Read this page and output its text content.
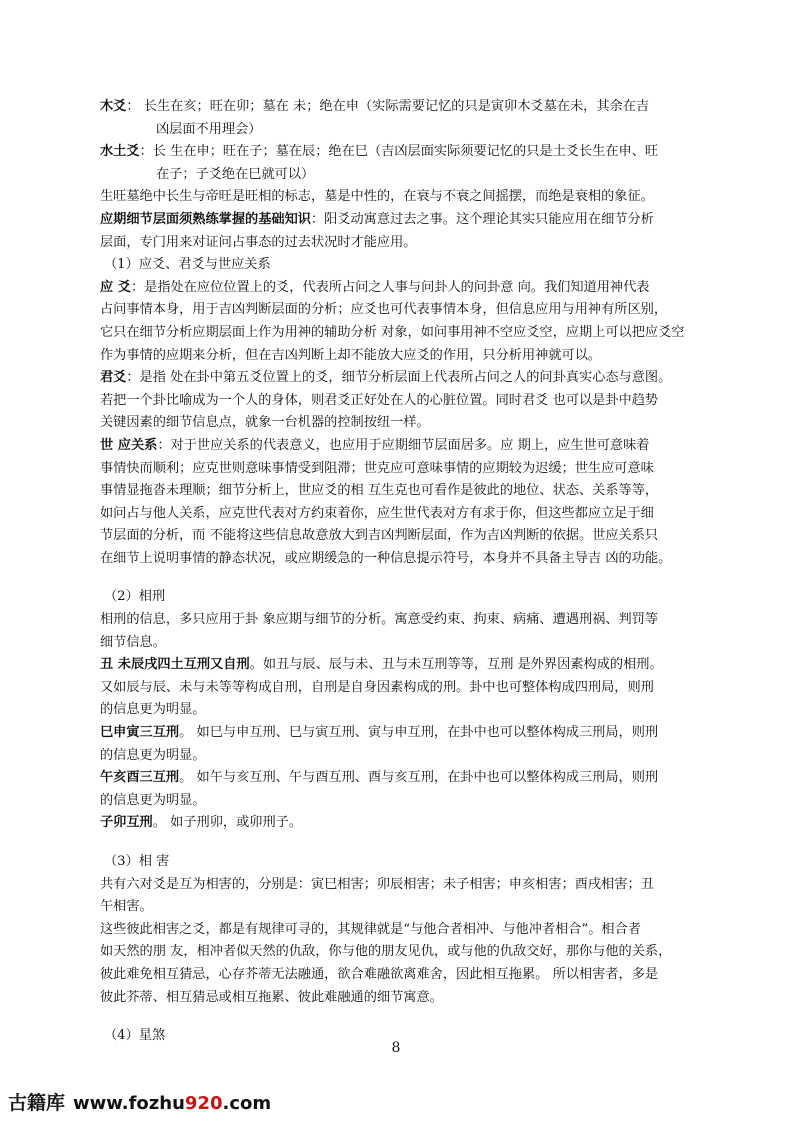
木爻： 长生在亥；旺在卯；墓在 未；绝在申（实际需要记忆的只是寅卯木爻墓在未，其余在吉
凶层面不用理会）
水土爻：长 生在申；旺在子；墓在辰；绝在巳（吉凶层面实际须要记忆的只是土爻长生在申、旺
在子；子爻绝在巳就可以）
生旺墓绝中长生与帝旺是旺相的标志，墓是中性的，在衰与不衰之间摇摆，而绝是衰相的象征。
应期细节层面须熟练掌握的基础知识：阳爻动寓意过去之事。这个理论其实只能应用在细节分析
层面，专门用来对证问占事态的过去状况时才能应用。
（1）应爻、君爻与世应关系
应 爻：是指处在应位位置上的爻，代表所占问之人事与问卦人的问卦意 向。我们知道用神代表
占问事情本身，用于吉凶判断层面的分析；应爻也可代表事情本身，但信息应用与用神有所区别，
它只在细节分析应期层面上作为用神的辅助分析 对象，如问事用神不空应爻空，应期上可以把应爻空
作为事情的应期来分析，但在吉凶判断上却不能放大应爻的作用，只分析用神就可以。
君爻：是指 处在卦中第五爻位置上的爻，细节分析层面上代表所占问之人的问卦真实心态与意图。
若把一个卦比喻成为一个人的身体，则君爻正好处在人的心脏位置。同时君爻 也可以是卦中趋势
关键因素的细节信息点，就象一台机器的控制按纽一样。
世 应关系：对于世应关系的代表意义，也应用于应期细节层面居多。应 期上，应生世可意味着
事情快而顺利；应克世则意味事情受到阻滞；世克应可意味事情的应期较为迟缓；世生应可意味
事情显拖沓未理顺；细节分析上，世应爻的相 互生克也可看作是彼此的地位、状态、关系等等，
如问占与他人关系，应克世代表对方约束着你，应生世代表对方有求于你，但这些都应立足于细
节层面的分析，而 不能将这些信息故意放大到吉凶判断层面，作为吉凶判断的依据。世应关系只
在细节上说明事情的静态状况，或应期缓急的一种信息提示符号，本身并不具备主导吉 凶的功能。
（2）相刑
相刑的信息，多只应用于卦 象应期与细节的分析。寓意受约束、拘束、病痛、遭遇刑祸、判罚等
细节信息。
丑 未辰戌四土互刑又自刑。如丑与辰、辰与未、丑与未互刑等等，互刑 是外界因素构成的相刑。
又如辰与辰、未与未等等构成自刑，自刑是自身因素构成的刑。卦中也可整体构成四刑局，则刑
的信息更为明显。
巳申寅三互刑。 如巳与申互刑、巳与寅互刑、寅与申互刑，在卦中也可以整体构成三刑局，则刑
的信息更为明显。
午亥酉三互刑。 如午与亥互刑、午与酉互刑、酉与亥互刑，在卦中也可以整体构成三刑局，则刑
的信息更为明显。
子卯互刑。 如子刑卯，或卯刑子。
（3）相 害
共有六对爻是互为相害的，分别是：寅巳相害；卯辰相害；未子相害；申亥相害；酉戌相害；丑
午相害。
这些彼此相害之爻，都是有规律可寻的，其规律就是“与他合者相冲、与他冲者相合”。相合者
如天然的朋 友，相冲者似天然的仇敌，你与他的朋友见仇，或与他的仇敌交好，那你与他的关系，
彼此难免相互猜忌，心存芥蒂无法融通，欲合难融欲离难舍，因此相互拖累。 所以相害者，多是
彼此芥蒂、相互猜忌或相互拖累、彼此难融通的细节寓意。
（4）星煞
8
古籍库 www.fozhu920.com
